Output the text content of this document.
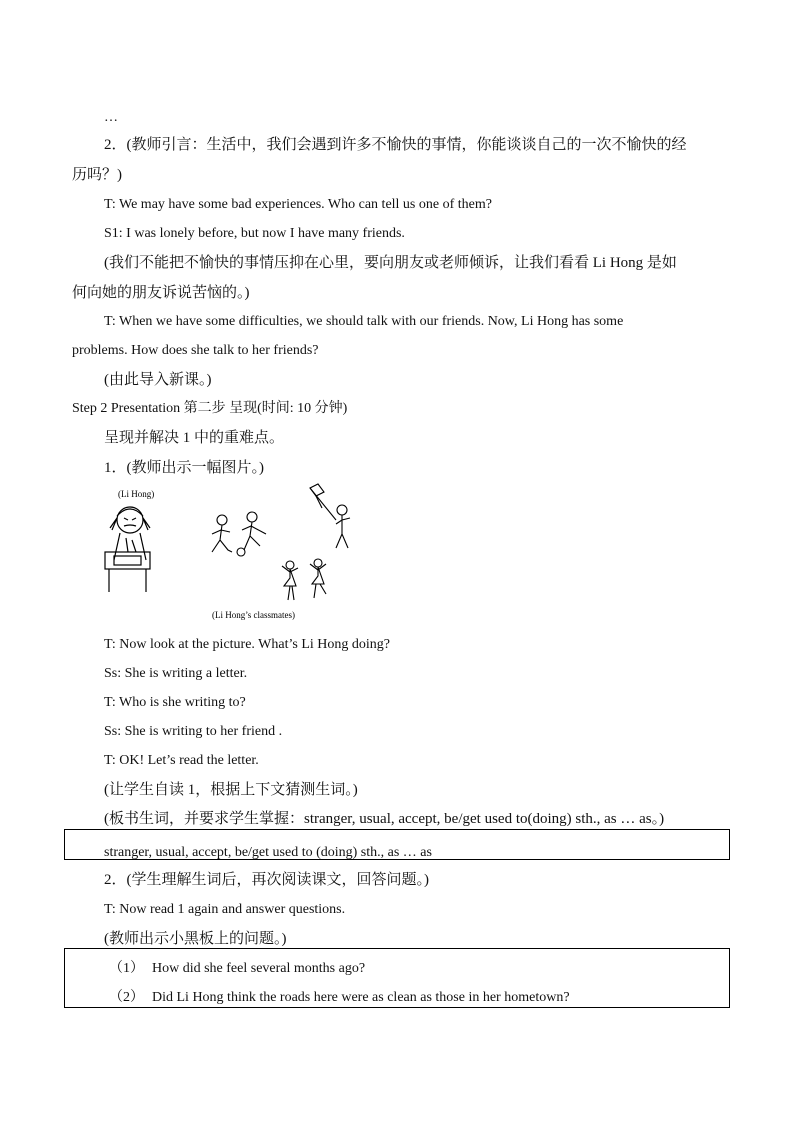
…
2．(教师引言：生活中，我们会遇到许多不愉快的事情，你能谈谈自己的一次不愉快的经
历吗？)
T: We may have some bad experiences. Who can tell us one of them?
S1: I was lonely before, but now I have many friends.
(我们不能把不愉快的事情压抑在心里，要向朋友或老师倾诉，让我们看看 Li Hong 是如
何向她的朋友诉说苦恼的。)
T: When we have some difficulties, we should talk with our friends. Now, Li Hong has some
problems. How does she talk to her friends?
(由此导入新课。)
Step 2 Presentation 第二步 呈现(时间: 10 分钟)
呈现并解决 1 中的重难点。
1．(教师出示一幅图片。)
(Li Hong)
(Li Hong’s classmates)
T: Now look at the picture. What’s Li Hong doing?
Ss: She is writing a letter.
T: Who is she writing to?
Ss: She is writing to her friend .
T: OK! Let’s read the letter.
(让学生自读 1，根据上下文猜测生词。)
(板书生词，并要求学生掌握：stranger, usual, accept, be/get used to(doing) sth., as … as。)
stranger, usual, accept, be/get used to (doing) sth., as … as
2．(学生理解生词后，再次阅读课文，回答问题。)
T: Now read 1 again and answer questions.
(教师出示小黑板上的问题。)
（1） How did she feel several months ago?
（2） Did Li Hong think the roads here were as clean as those in her hometown?
